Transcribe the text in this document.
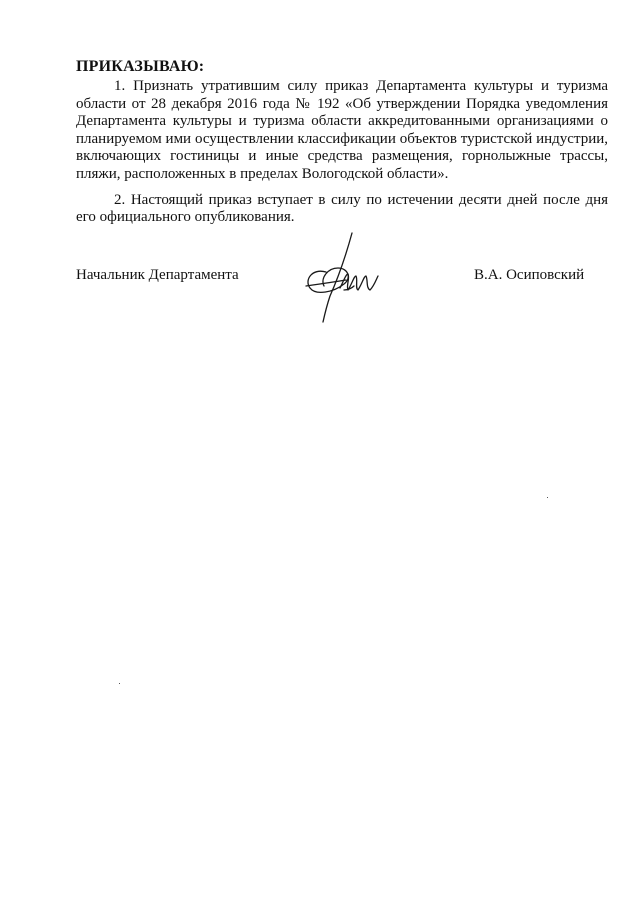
ПРИКАЗЫВАЮ:

1. Признать утратившим силу приказ Департамента культуры и туризма области от 28 декабря 2016 года № 192 «Об утверждении Порядка уведомления Департамента культуры и туризма области аккредитованными организациями о планируемом ими осуществлении классификации объектов туристской индустрии, включающих гостиницы и иные средства размещения, горнолыжные трассы, пляжи, расположенных в пределах Вологодской области».

2. Настоящий приказ вступает в силу по истечении десяти дней после дня его официального опубликования.

Начальник Департамента	В.А. Осиповский
